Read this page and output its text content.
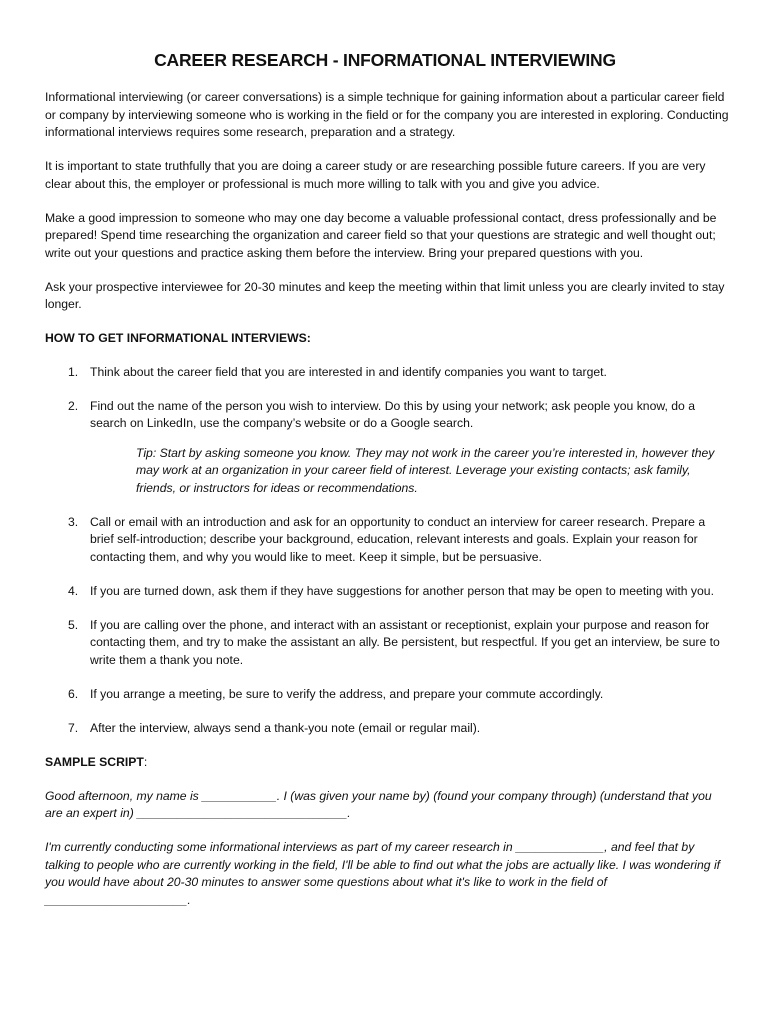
CAREER RESEARCH - INFORMATIONAL INTERVIEWING

Informational interviewing (or career conversations) is a simple technique for gaining information about a particular career field or company by interviewing someone who is working in the field or for the company you are interested in exploring. Conducting informational interviews requires some research, preparation and a strategy.

It is important to state truthfully that you are doing a career study or are researching possible future careers. If you are very clear about this, the employer or professional is much more willing to talk with you and give you advice.

Make a good impression to someone who may one day become a valuable professional contact, dress professionally and be prepared! Spend time researching the organization and career field so that your questions are strategic and well thought out; write out your questions and practice asking them before the interview. Bring your prepared questions with you.

Ask your prospective interviewee for 20-30 minutes and keep the meeting within that limit unless you are clearly invited to stay longer.

HOW TO GET INFORMATIONAL INTERVIEWS:

1. Think about the career field that you are interested in and identify companies you want to target.
2. Find out the name of the person you wish to interview. Do this by using your network; ask people you know, do a search on LinkedIn, use the company’s website or do a Google search.

Tip: Start by asking someone you know. They may not work in the career you’re interested in, however they may work at an organization in your career field of interest. Leverage your existing contacts; ask family, friends, or instructors for ideas or recommendations.

3. Call or email with an introduction and ask for an opportunity to conduct an interview for career research. Prepare a brief self-introduction; describe your background, education, relevant interests and goals. Explain your reason for contacting them, and why you would like to meet. Keep it simple, but be persuasive.
4. If you are turned down, ask them if they have suggestions for another person that may be open to meeting with you.
5. If you are calling over the phone, and interact with an assistant or receptionist, explain your purpose and reason for contacting them, and try to make the assistant an ally. Be persistent, but respectful. If you get an interview, be sure to write them a thank you note.
6. If you arrange a meeting, be sure to verify the address, and prepare your commute accordingly.
7. After the interview, always send a thank-you note (email or regular mail).

SAMPLE SCRIPT:

Good afternoon, my name is ___________. I (was given your name by) (found your company through) (understand that you are an expert in) _______________________________.

I'm currently conducting some informational interviews as part of my career research in _____________, and feel that by talking to people who are currently working in the field, I'll be able to find out what the jobs are actually like. I was wondering if you would have about 20-30 minutes to answer some questions about what it's like to work in the field of _____________________.
